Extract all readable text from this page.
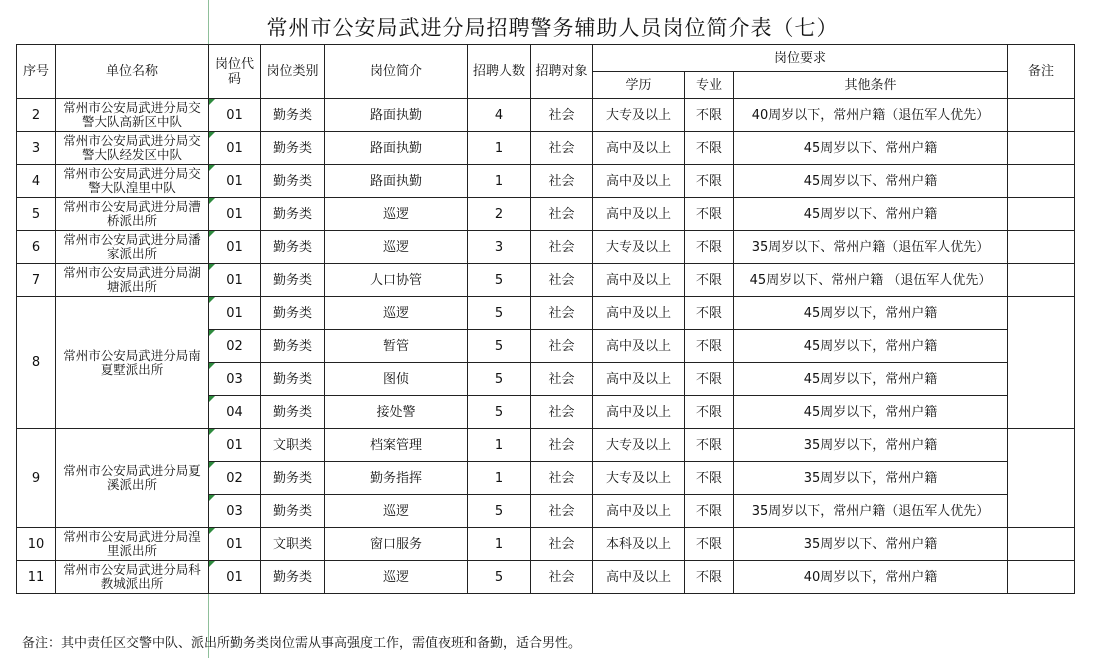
常州市公安局武进分局招聘警务辅助人员岗位简介表（七）
序号	单位名称	岗位代码	岗位类别	岗位简介	招聘人数	招聘对象	岗位要求			备注
							学历	专业	其他条件	
2	常州市公安局武进分局交警大队高新区中队	01	勤务类	路面执勤	4	社会	大专及以上	不限	40周岁以下，常州户籍（退伍军人优先）	
3	常州市公安局武进分局交警大队经发区中队	01	勤务类	路面执勤	1	社会	高中及以上	不限	45周岁以下、常州户籍	
4	常州市公安局武进分局交警大队湟里中队	01	勤务类	路面执勤	1	社会	高中及以上	不限	45周岁以下、常州户籍	
5	常州市公安局武进分局漕桥派出所	01	勤务类	巡逻	2	社会	高中及以上	不限	45周岁以下、常州户籍	
6	常州市公安局武进分局潘家派出所	01	勤务类	巡逻	3	社会	大专及以上	不限	35周岁以下、常州户籍（退伍军人优先）	
7	常州市公安局武进分局湖塘派出所	01	勤务类	人口协管	5	社会	高中及以上	不限	45周岁以下、常州户籍 （退伍军人优先）	
8	常州市公安局武进分局南夏墅派出所	01	勤务类	巡逻	5	社会	高中及以上	不限	45周岁以下，常州户籍	
		02	勤务类	暂管	5	社会	高中及以上	不限	45周岁以下，常州户籍	
		03	勤务类	图侦	5	社会	高中及以上	不限	45周岁以下，常州户籍	
		04	勤务类	接处警	5	社会	高中及以上	不限	45周岁以下，常州户籍	
9	常州市公安局武进分局夏溪派出所	01	文职类	档案管理	1	社会	大专及以上	不限	35周岁以下，常州户籍	
		02	勤务类	勤务指挥	1	社会	大专及以上	不限	35周岁以下，常州户籍	
		03	勤务类	巡逻	5	社会	高中及以上	不限	35周岁以下，常州户籍（退伍军人优先）	
10	常州市公安局武进分局湟里派出所	01	文职类	窗口服务	1	社会	本科及以上	不限	35周岁以下、常州户籍	
11	常州市公安局武进分局科教城派出所	01	勤务类	巡逻	5	社会	高中及以上	不限	40周岁以下，常州户籍	
备注：其中责任区交警中队、派出所勤务类岗位需从事高强度工作，需值夜班和备勤，适合男性。
